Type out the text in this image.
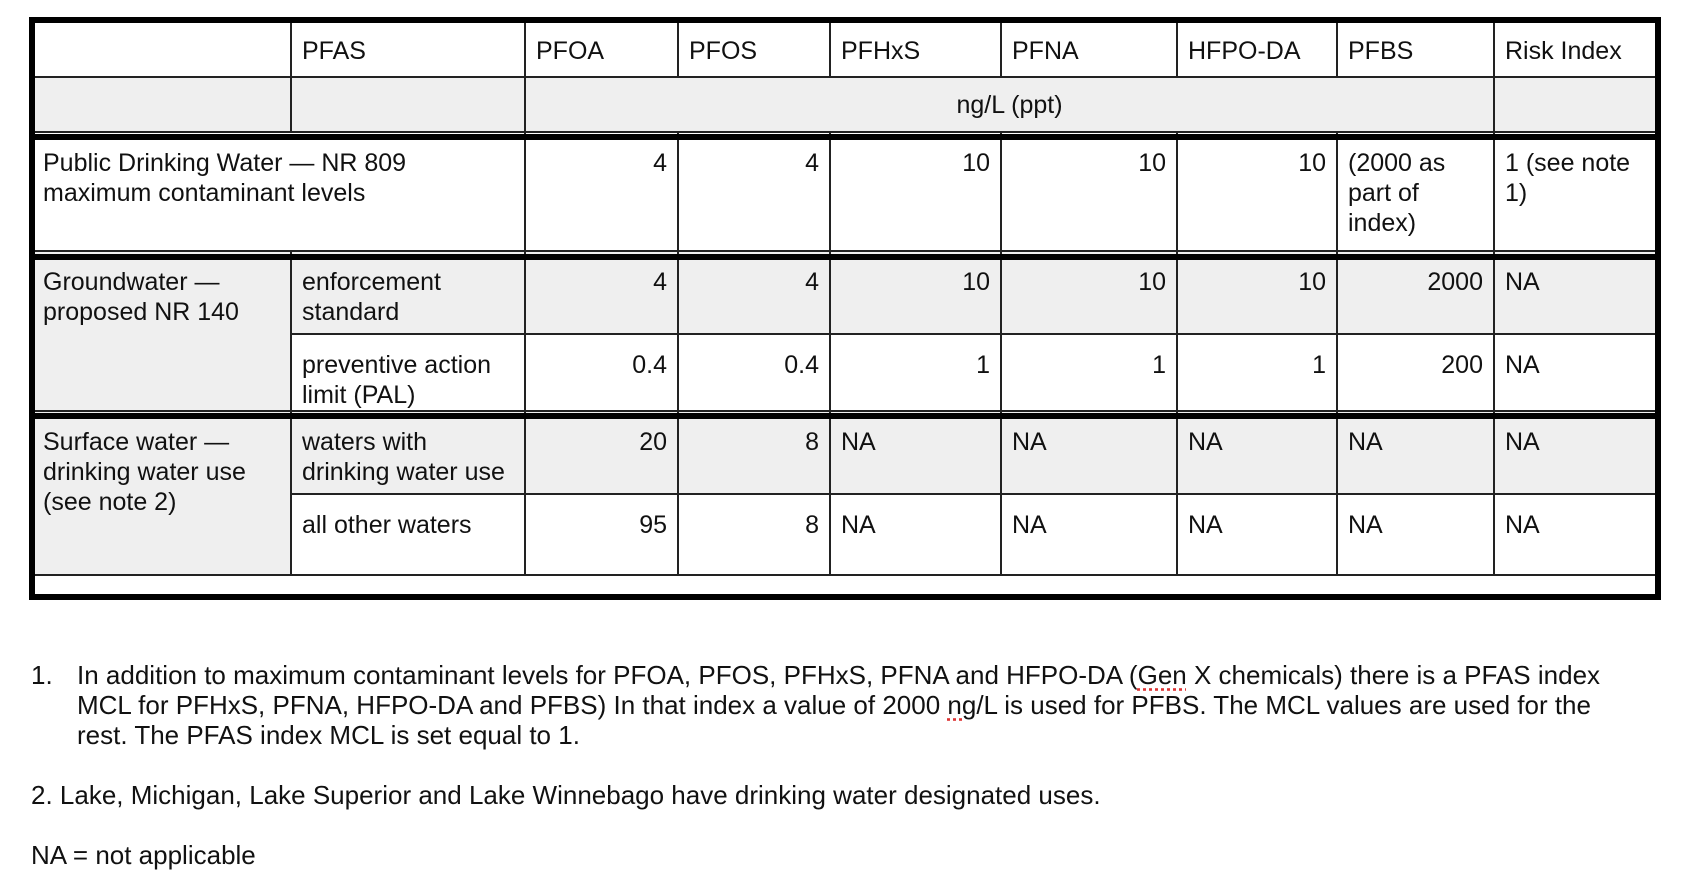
	PFAS	PFOA	PFOS	PFHxS	PFNA	HFPO-DA	PFBS	Risk Index
		ng/L (ppt)						

Public Drinking Water — NR 809 maximum contaminant levels		4	4	10	10	10	(2000 as part of index)	1 (see note 1)
Groundwater — proposed NR 140	enforcement standard	4	4	10	10	10	2000	NA
	preventive action limit (PAL)	0.4	0.4	1	1	1	200	NA
Surface water — drinking water use (see note 2)	waters with drinking water use	20	8	NA	NA	NA	NA	NA
	all other waters	95	8	NA	NA	NA	NA	NA
1. In addition to maximum contaminant levels for PFOA, PFOS, PFHxS, PFNA and HFPO-DA (Gen X chemicals) there is a PFAS index MCL for PFHxS, PFNA, HFPO-DA and PFBS) In that index a value of 2000 ng/L is used for PFBS. The MCL values are used for the rest. The PFAS index MCL is set equal to 1.
2. Lake, Michigan, Lake Superior and Lake Winnebago have drinking water designated uses.
NA = not applicable
